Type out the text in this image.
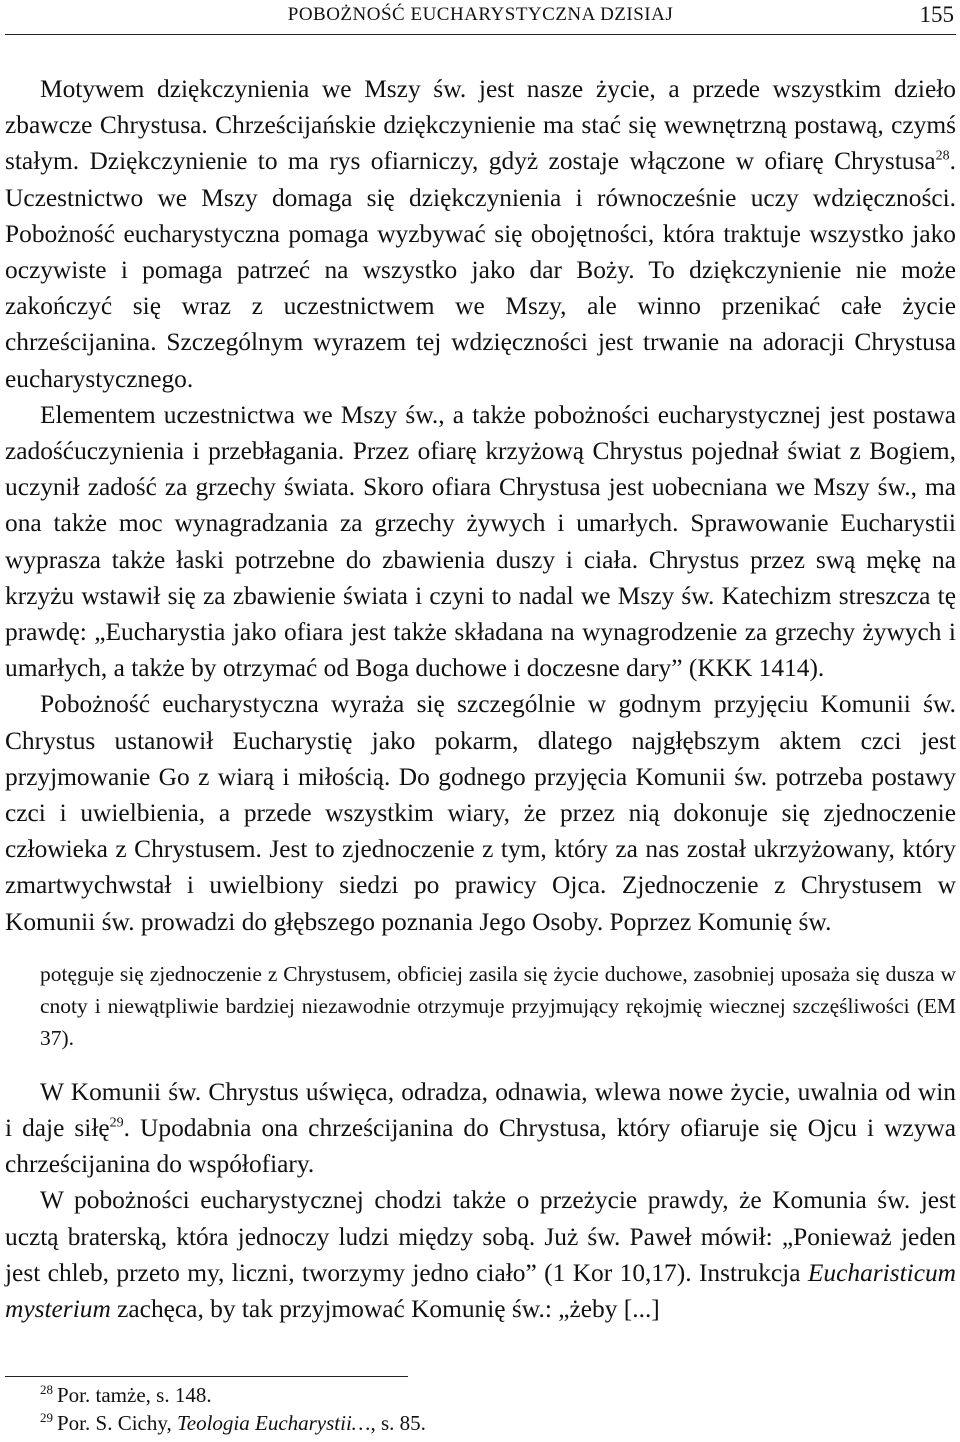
POBOŻNOŚĆ EUCHARYSTYCZNA DZISIAJ	155

Motywem dziękczynienia we Mszy św. jest nasze życie, a przede wszystkim dzieło zbawcze Chrystusa. Chrześcijańskie dziękczynienie ma stać się wewnętrzną postawą, czymś stałym. Dziękczynienie to ma rys ofiarniczy, gdyż zostaje włączone w ofiarę Chrystusa$^{28}$. Uczestnictwo we Mszy domaga się dziękczynienia i równocześnie uczy wdzięczności. Pobożność eucharystyczna pomaga wyzbywać się obojętności, która traktuje wszystko jako oczywiste i pomaga patrzeć na wszystko jako dar Boży. To dziękczynienie nie może zakończyć się wraz z uczestnictwem we Mszy, ale winno przenikać całe życie chrześcijanina. Szczególnym wyrazem tej wdzięczności jest trwanie na adoracji Chrystusa eucharystycznego.

Elementem uczestnictwa we Mszy św., a także pobożności eucharystycznej jest postawa zadośćuczynienia i przebłagania. Przez ofiarę krzyżową Chrystus pojednał świat z Bogiem, uczynił zadość za grzechy świata. Skoro ofiara Chrystusa jest uobecniana we Mszy św., ma ona także moc wynagradzania za grzechy żywych i umarłych. Sprawowanie Eucharystii wyprasza także łaski potrzebne do zbawienia duszy i ciała. Chrystus przez swą mękę na krzyżu wstawił się za zbawienie świata i czyni to nadal we Mszy św. Katechizm streszcza tę prawdę: „Eucharystia jako ofiara jest także składana na wynagrodzenie za grzechy żywych i umarłych, a także by otrzymać od Boga duchowe i doczesne dary” (KKK 1414).

Pobożność eucharystyczna wyraża się szczególnie w godnym przyjęciu Komunii św. Chrystus ustanowił Eucharystię jako pokarm, dlatego najgłębszym aktem czci jest przyjmowanie Go z wiarą i miłością. Do godnego przyjęcia Komunii św. potrzeba postawy czci i uwielbienia, a przede wszystkim wiary, że przez nią dokonuje się zjednoczenie człowieka z Chrystusem. Jest to zjednoczenie z tym, który za nas został ukrzyżowany, który zmartwychwstał i uwielbiony siedzi po prawicy Ojca. Zjednoczenie z Chrystusem w Komunii św. prowadzi do głębszego poznania Jego Osoby. Poprzez Komunię św.

potęguje się zjednoczenie z Chrystusem, obficiej zasila się życie duchowe, zasobniej uposaża się dusza w cnoty i niewątpliwie bardziej niezawodnie otrzymuje przyjmujący rękojmię wiecznej szczęśliwości (EM 37).

W Komunii św. Chrystus uświęca, odradza, odnawia, wlewa nowe życie, uwalnia od win i daje siłę$^{29}$. Upodabnia ona chrześcijanina do Chrystusa, który ofiaruje się Ojcu i wzywa chrześcijanina do współofiary.

W pobożności eucharystycznej chodzi także o przeżycie prawdy, że Komunia św. jest ucztą braterską, która jednoczy ludzi między sobą. Już św. Paweł mówił: „Ponieważ jeden jest chleb, przeto my, liczni, tworzymy jedno ciało” (1 Kor 10,17). Instrukcja Eucharisticum mysterium zachęca, by tak przyjmować Komunię św.: „żeby [...]

$^{28}$ Por. tamże, s. 148.
$^{29}$ Por. S. Cichy, Teologia Eucharystii…, s. 85.
